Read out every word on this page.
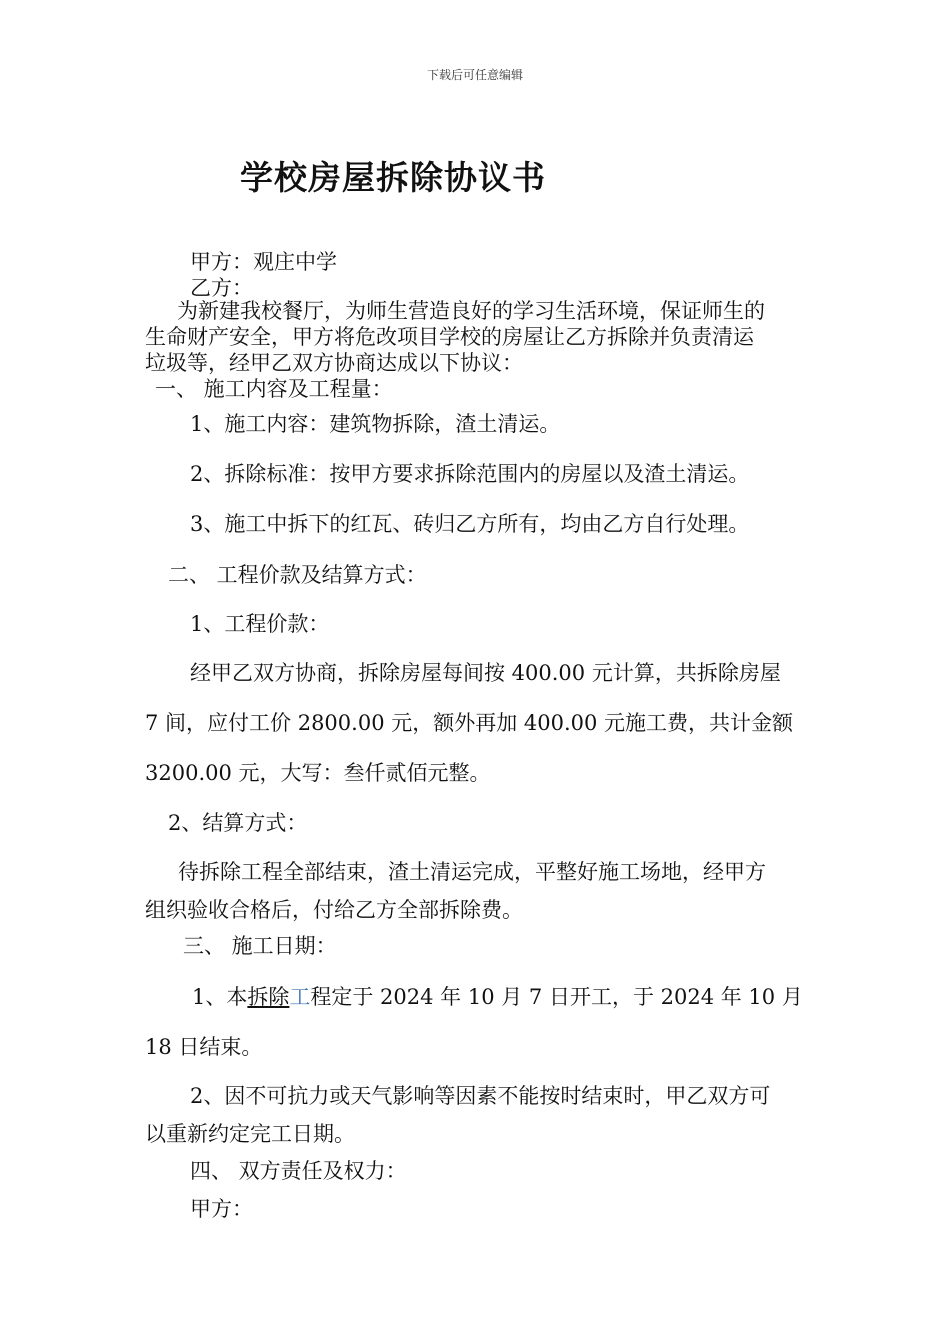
下载后可任意编辑
学校房屋拆除协议书
甲方：观庄中学
乙方：
为新建我校餐厅，为师生营造良好的学习生活环境，保证师生的
生命财产安全，甲方将危改项目学校的房屋让乙方拆除并负责清运
垃圾等，经甲乙双方协商达成以下协议：
一、 施工内容及工程量：
1、施工内容：建筑物拆除，渣土清运。
2、拆除标准：按甲方要求拆除范围内的房屋以及渣土清运。
3、施工中拆下的红瓦、砖归乙方所有，均由乙方自行处理。
二、 工程价款及结算方式：
1、工程价款：
经甲乙双方协商，拆除房屋每间按 400.00 元计算，共拆除房屋
7 间，应付工价 2800.00 元，额外再加 400.00 元施工费，共计金额
3200.00 元，大写：叁仟贰佰元整。
2、结算方式：
待拆除工程全部结束，渣土清运完成，平整好施工场地，经甲方
组织验收合格后，付给乙方全部拆除费。
三、 施工日期：
1、本拆除工程定于 2024 年 10 月 7 日开工，于 2024 年 10 月
18 日结束。
2、因不可抗力或天气影响等因素不能按时结束时，甲乙双方可
以重新约定完工日期。
四、 双方责任及权力：
甲方：
